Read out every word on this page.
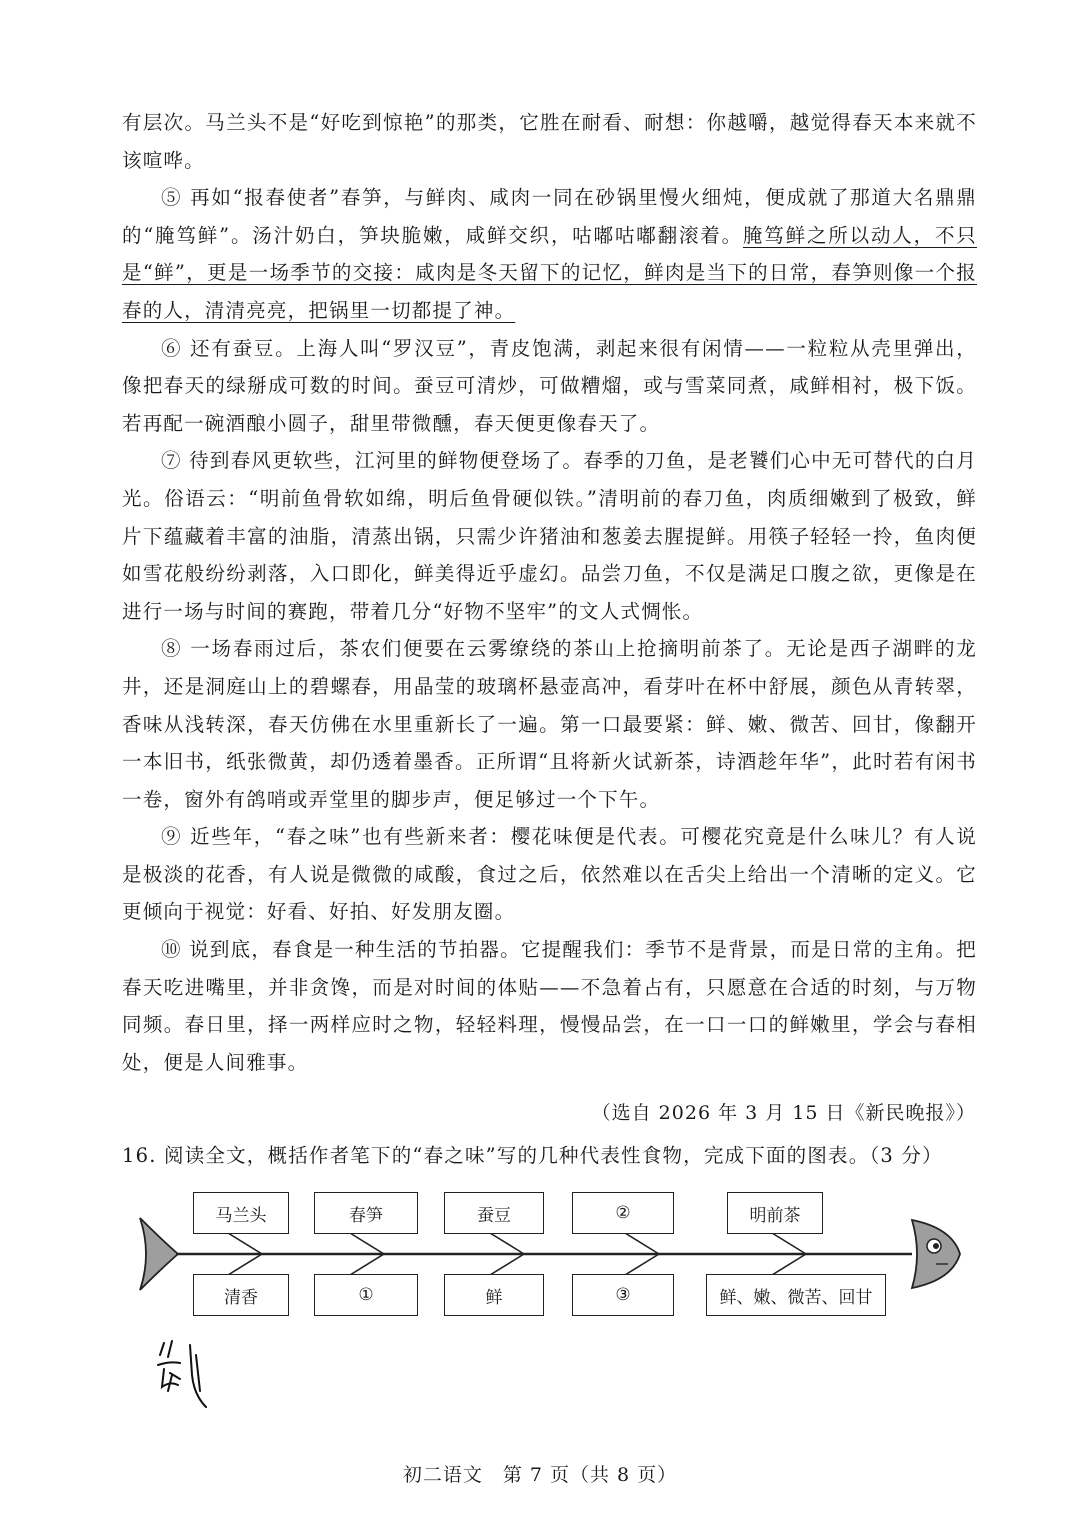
有层次。马兰头不是“好吃到惊艳”的那类，它胜在耐看、耐想：你越嚼，越觉得春天本来就不该喧哗。

⑤ 再如“报春使者”春笋，与鲜肉、咸肉一同在砂锅里慢火细炖，便成就了那道大名鼎鼎的“腌笃鲜”。汤汁奶白，笋块脆嫩，咸鲜交织，咕嘟咕嘟翻滚着。腌笃鲜之所以动人，不只是“鲜”，更是一场季节的交接：咸肉是冬天留下的记忆，鲜肉是当下的日常，春笋则像一个报春的人，清清亮亮，把锅里一切都提了神。

⑥ 还有蚕豆。上海人叫“罗汉豆”，青皮饱满，剥起来很有闲情——一粒粒从壳里弹出，像把春天的绿掰成可数的时间。蚕豆可清炒，可做糟熘，或与雪菜同煮，咸鲜相衬，极下饭。若再配一碗酒酿小圆子，甜里带微醺，春天便更像春天了。

⑦ 待到春风更软些，江河里的鲜物便登场了。春季的刀鱼，是老饕们心中无可替代的白月光。俗语云：“明前鱼骨软如绵，明后鱼骨硬似铁。”清明前的春刀鱼，肉质细嫩到了极致，鲜片下蕴藏着丰富的油脂，清蒸出锅，只需少许猪油和葱姜去腥提鲜。用筷子轻轻一拎，鱼肉便如雪花般纷纷剥落，入口即化，鲜美得近乎虚幻。品尝刀鱼，不仅是满足口腹之欲，更像是在进行一场与时间的赛跑，带着几分“好物不坚牢”的文人式惆怅。

⑧ 一场春雨过后，茶农们便要在云雾缭绕的茶山上抢摘明前茶了。无论是西子湖畔的龙井，还是洞庭山上的碧螺春，用晶莹的玻璃杯悬壶高冲，看芽叶在杯中舒展，颜色从青转翠，香味从浅转深，春天仿佛在水里重新长了一遍。第一口最要紧：鲜、嫩、微苦、回甘，像翻开一本旧书，纸张微黄，却仍透着墨香。正所谓“且将新火试新茶，诗酒趁年华”，此时若有闲书一卷，窗外有鸽哨或弄堂里的脚步声，便足够过一个下午。

⑨ 近些年，“春之味”也有些新来者：樱花味便是代表。可樱花究竟是什么味儿？有人说是极淡的花香，有人说是微微的咸酸，食过之后，依然难以在舌尖上给出一个清晰的定义。它更倾向于视觉：好看、好拍、好发朋友圈。

⑩ 说到底，春食是一种生活的节拍器。它提醒我们：季节不是背景，而是日常的主角。把春天吃进嘴里，并非贪馋，而是对时间的体贴——不急着占有，只愿意在合适的时刻，与万物同频。春日里，择一两样应时之物，轻轻料理，慢慢品尝，在一口一口的鲜嫩里，学会与春相处，便是人间雅事。

（选自 2026 年 3 月 15 日《新民晚报》）
16. 阅读全文，概括作者笔下的“春之味”写的几种代表性食物，完成下面的图表。（3 分）
马兰头	春笋	蚕豆	②	明前茶
清香	①	鲜	③	鲜、嫩、微苦、回甘
初二语文　第 7 页（共 8 页）
